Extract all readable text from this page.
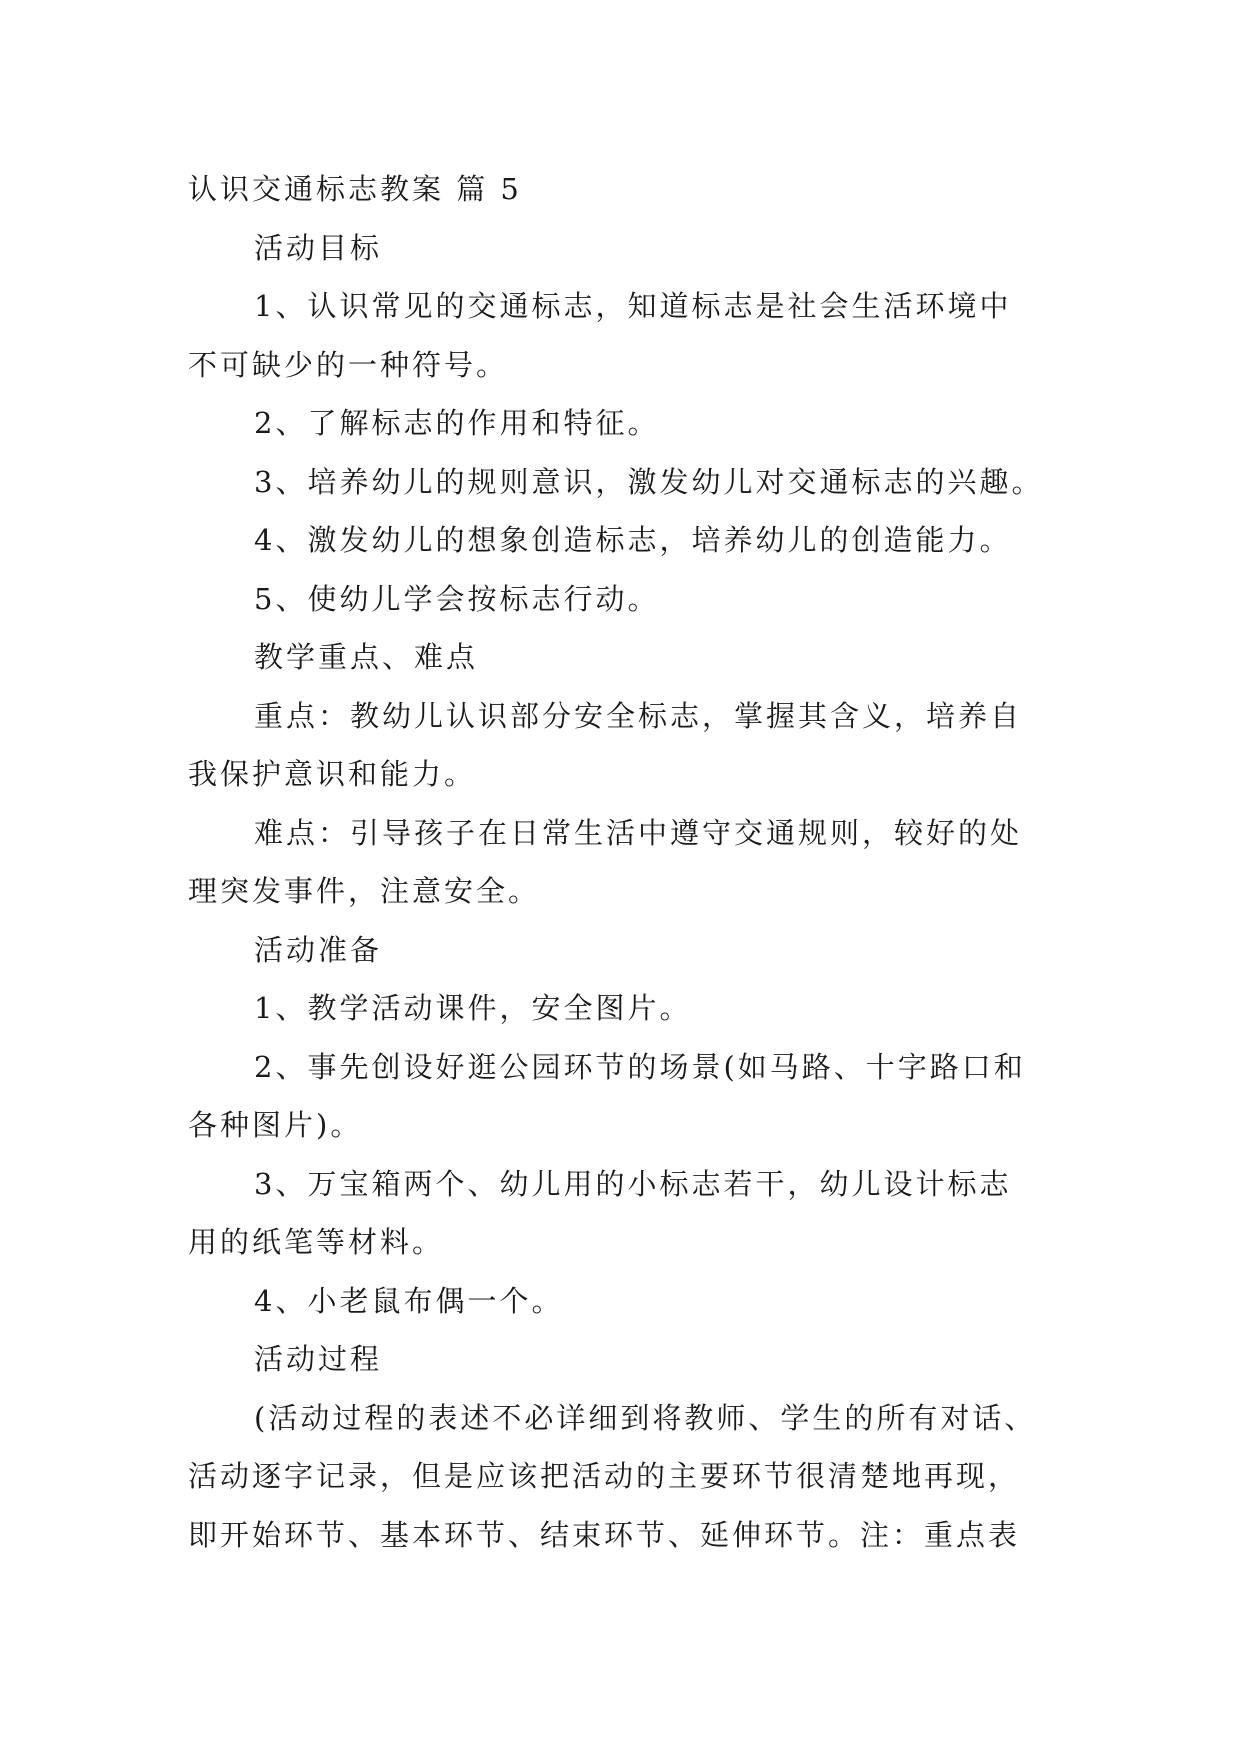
认识交通标志教案 篇 5
活动目标
1、认识常见的交通标志，知道标志是社会生活环境中
不可缺少的一种符号。
2、了解标志的作用和特征。
3、培养幼儿的规则意识，激发幼儿对交通标志的兴趣。
4、激发幼儿的想象创造标志，培养幼儿的创造能力。
5、使幼儿学会按标志行动。
教学重点、难点
重点：教幼儿认识部分安全标志，掌握其含义，培养自
我保护意识和能力。
难点：引导孩子在日常生活中遵守交通规则，较好的处
理突发事件，注意安全。
活动准备
1、教学活动课件，安全图片。
2、事先创设好逛公园环节的场景(如马路、十字路口和
各种图片)。
3、万宝箱两个、幼儿用的小标志若干，幼儿设计标志
用的纸笔等材料。
4、小老鼠布偶一个。
活动过程
(活动过程的表述不必详细到将教师、学生的所有对话、
活动逐字记录，但是应该把活动的主要环节很清楚地再现，
即开始环节、基本环节、结束环节、延伸环节。注：重点表
